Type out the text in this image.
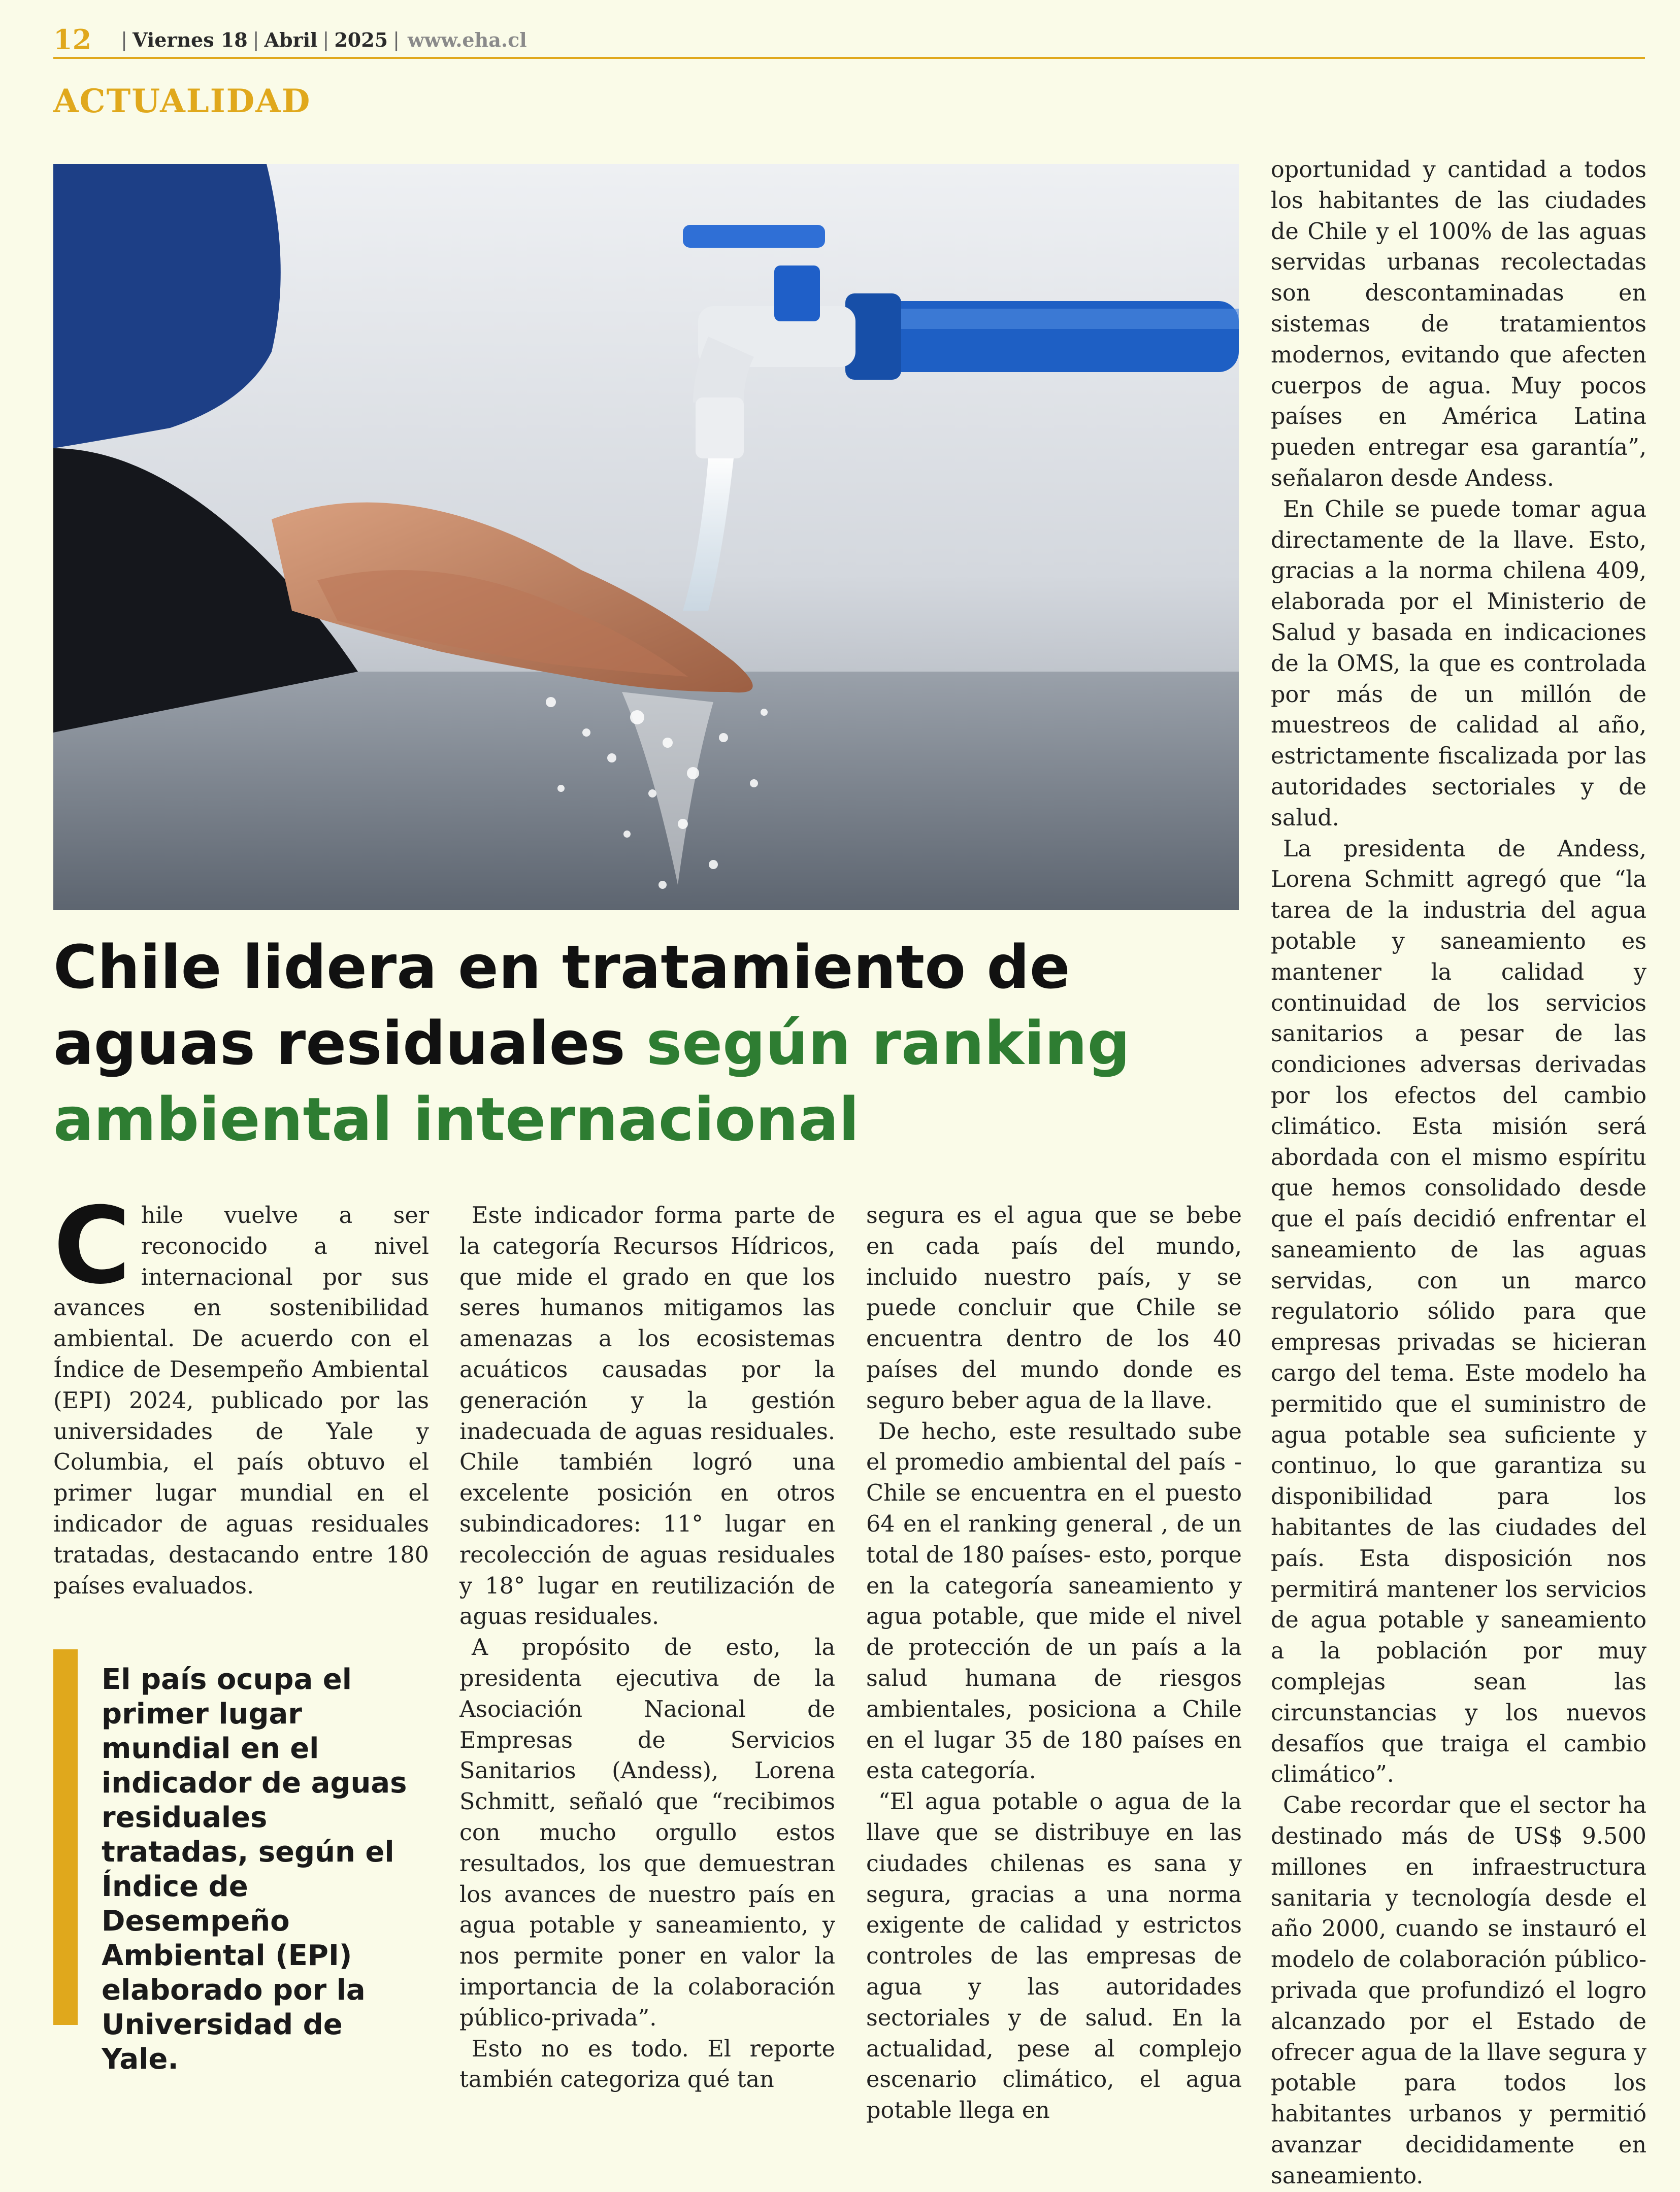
12 | Viernes 18 | Abril | 2025 | www.eha.cl
ACTUALIDAD
Chile lidera en tratamiento de aguas residuales según ranking ambiental internacional

Chile vuelve a ser reconocido a nivel internacional por sus avances en sostenibilidad ambiental. De acuerdo con el Índice de Desempeño Ambiental (EPI) 2024, publicado por las universidades de Yale y Columbia, el país obtuvo el primer lugar mundial en el indicador de aguas residuales tratadas, destacando entre 180 países evaluados.

El país ocupa el primer lugar mundial en el indicador de aguas residuales tratadas, según el Índice de Desempeño Ambiental (EPI) elaborado por la Universidad de Yale.

Este indicador forma parte de la categoría Recursos Hídricos, que mide el grado en que los seres humanos mitigamos las amenazas a los ecosistemas acuáticos causadas por la generación y la gestión inadecuada de aguas residuales. Chile también logró una excelente posición en otros subindicadores: 11° lugar en recolección de aguas residuales y 18° lugar en reutilización de aguas residuales.

A propósito de esto, la presidenta ejecutiva de la Asociación Nacional de Empresas de Servicios Sanitarios (Andess), Lorena Schmitt, señaló que “recibimos con mucho orgullo estos resultados, los que demuestran los avances de nuestro país en agua potable y saneamiento, y nos permite poner en valor la importancia de la colaboración público-privada”.

Esto no es todo. El reporte también categoriza qué tan

segura es el agua que se bebe en cada país del mundo, incluido nuestro país, y se puede concluir que Chile se encuentra dentro de los 40 países del mundo donde es seguro beber agua de la llave.

De hecho, este resultado sube el promedio ambiental del país -Chile se encuentra en el puesto 64 en el ranking general , de un total de 180 países- esto, porque en la categoría saneamiento y agua potable, que mide el nivel de protección de un país a la salud humana de riesgos ambientales, posiciona a Chile en el lugar 35 de 180 países en esta categoría.

“El agua potable o agua de la llave que se distribuye en las ciudades chilenas es sana y segura, gracias a una norma exigente de calidad y estrictos controles de las empresas de agua y las autoridades sectoriales y de salud. En la actualidad, pese al complejo escenario climático, el agua potable llega en

oportunidad y cantidad a todos los habitantes de las ciudades de Chile y el 100% de las aguas servidas urbanas recolectadas son descontaminadas en sistemas de tratamientos modernos, evitando que afecten cuerpos de agua. Muy pocos países en América Latina pueden entregar esa garantía”, señalaron desde Andess.

En Chile se puede tomar agua directamente de la llave. Esto, gracias a la norma chilena 409, elaborada por el Ministerio de Salud y basada en indicaciones de la OMS, la que es controlada por más de un millón de muestreos de calidad al año, estrictamente fiscalizada por las autoridades sectoriales y de salud.

La presidenta de Andess, Lorena Schmitt agregó que “la tarea de la industria del agua potable y saneamiento es mantener la calidad y continuidad de los servicios sanitarios a pesar de las condiciones adversas derivadas por los efectos del cambio climático. Esta misión será abordada con el mismo espíritu que hemos consolidado desde que el país decidió enfrentar el saneamiento de las aguas servidas, con un marco regulatorio sólido para que empresas privadas se hicieran cargo del tema. Este modelo ha permitido que el suministro de agua potable sea suficiente y continuo, lo que garantiza su disponibilidad para los habitantes de las ciudades del país. Esta disposición nos permitirá mantener los servicios de agua potable y saneamiento a la población por muy complejas sean las circunstancias y los nuevos desafíos que traiga el cambio climático”.

Cabe recordar que el sector ha destinado más de US$ 9.500 millones en infraestructura sanitaria y tecnología desde el año 2000, cuando se instauró el modelo de colaboración público-privada que profundizó el logro alcanzado por el Estado de ofrecer agua de la llave segura y potable para todos los habitantes urbanos y permitió avanzar decididamente en saneamiento.
